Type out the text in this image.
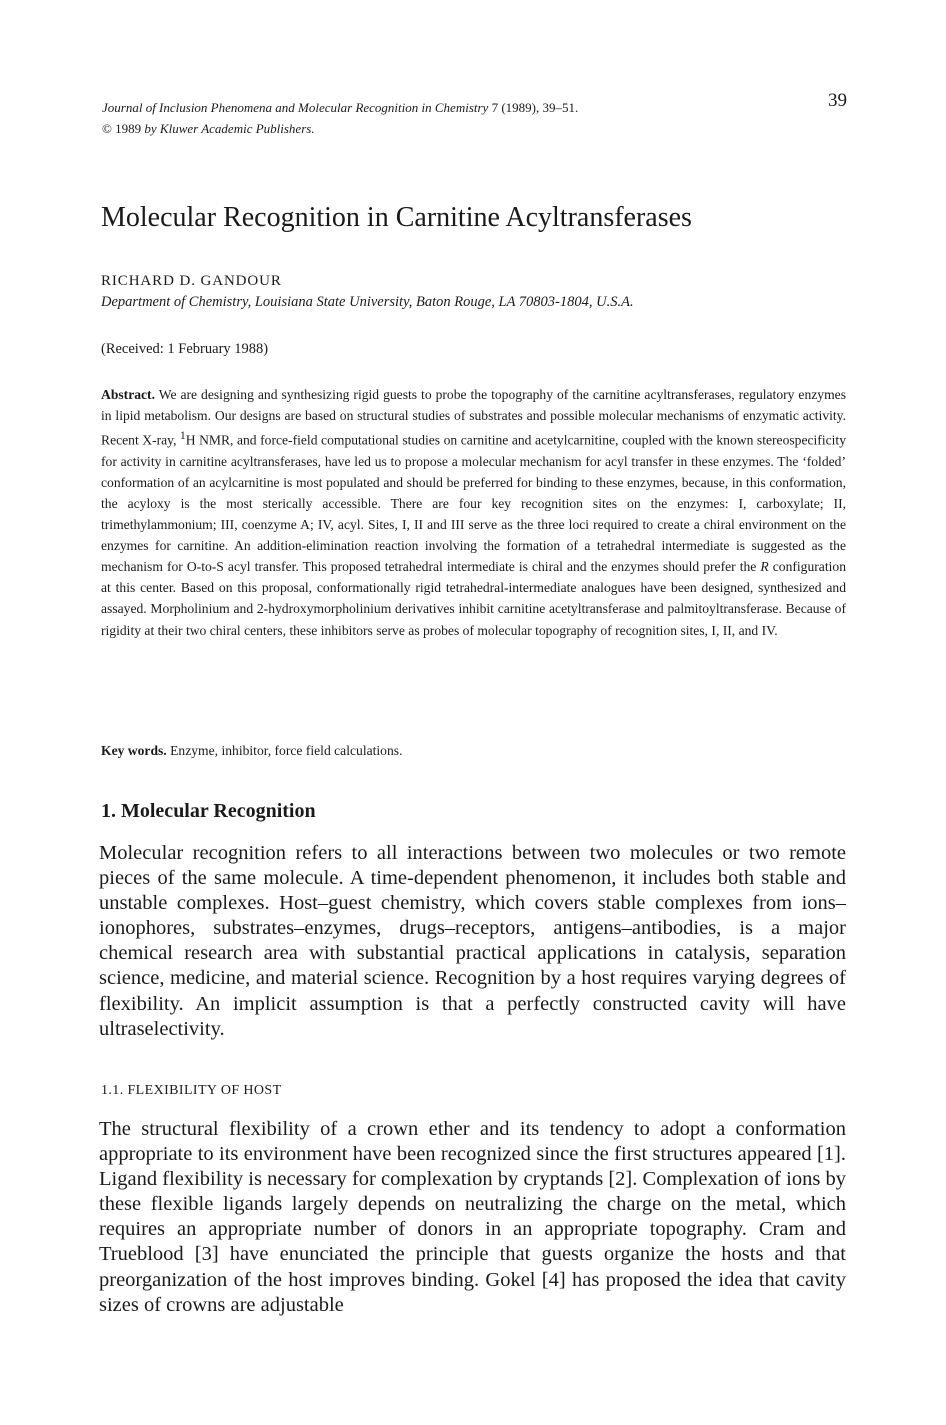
Journal of Inclusion Phenomena and Molecular Recognition in Chemistry 7 (1989), 39–51.
© 1989 by Kluwer Academic Publishers.
39
Molecular Recognition in Carnitine Acyltransferases
RICHARD D. GANDOUR
Department of Chemistry, Louisiana State University, Baton Rouge, LA 70803-1804, U.S.A.
(Received: 1 February 1988)

Abstract. We are designing and synthesizing rigid guests to probe the topography of the carnitine acyltransferases, regulatory enzymes in lipid metabolism. Our designs are based on structural studies of substrates and possible molecular mechanisms of enzymatic activity. Recent X-ray, $^1$H NMR, and force-field computational studies on carnitine and acetylcarnitine, coupled with the known stereospecificity for activity in carnitine acyltransferases, have led us to propose a molecular mechanism for acyl transfer in these enzymes. The ‘folded’ conformation of an acylcarnitine is most populated and should be preferred for binding to these enzymes, because, in this conformation, the acyloxy is the most sterically accessible. There are four key recognition sites on the enzymes: I, carboxylate; II, trimethylammonium; III, coenzyme A; IV, acyl. Sites, I, II and III serve as the three loci required to create a chiral environment on the enzymes for carnitine. An addition-elimination reaction involving the formation of a tetrahedral intermediate is suggested as the mechanism for O-to-S acyl transfer. This proposed tetrahedral intermediate is chiral and the enzymes should prefer the R configuration at this center. Based on this proposal, conformationally rigid tetrahedral-intermediate analogues have been designed, synthesized and assayed. Morpholinium and 2-hydroxymorpholinium derivatives inhibit carnitine acetyltransferase and palmitoyltransferase. Because of rigidity at their two chiral centers, these inhibitors serve as probes of molecular topography of recognition sites, I, II, and IV.

Key words. Enzyme, inhibitor, force field calculations.
1. Molecular Recognition

Molecular recognition refers to all interactions between two molecules or two remote pieces of the same molecule. A time-dependent phenomenon, it includes both stable and unstable complexes. Host–guest chemistry, which covers stable complexes from ions–ionophores, substrates–enzymes, drugs–receptors, antigens–antibodies, is a major chemical research area with substantial practical applications in catalysis, separation science, medicine, and material science. Recognition by a host requires varying degrees of flexibility. An implicit assumption is that a perfectly constructed cavity will have ultraselectivity.

1.1. FLEXIBILITY OF HOST

The structural flexibility of a crown ether and its tendency to adopt a conformation appropriate to its environment have been recognized since the first structures appeared [1]. Ligand flexibility is necessary for complexation by cryptands [2]. Complexation of ions by these flexible ligands largely depends on neutralizing the charge on the metal, which requires an appropriate number of donors in an appropriate topography. Cram and Trueblood [3] have enunciated the principle that guests organize the hosts and that preorganization of the host improves binding. Gokel [4] has proposed the idea that cavity sizes of crowns are adjustable
